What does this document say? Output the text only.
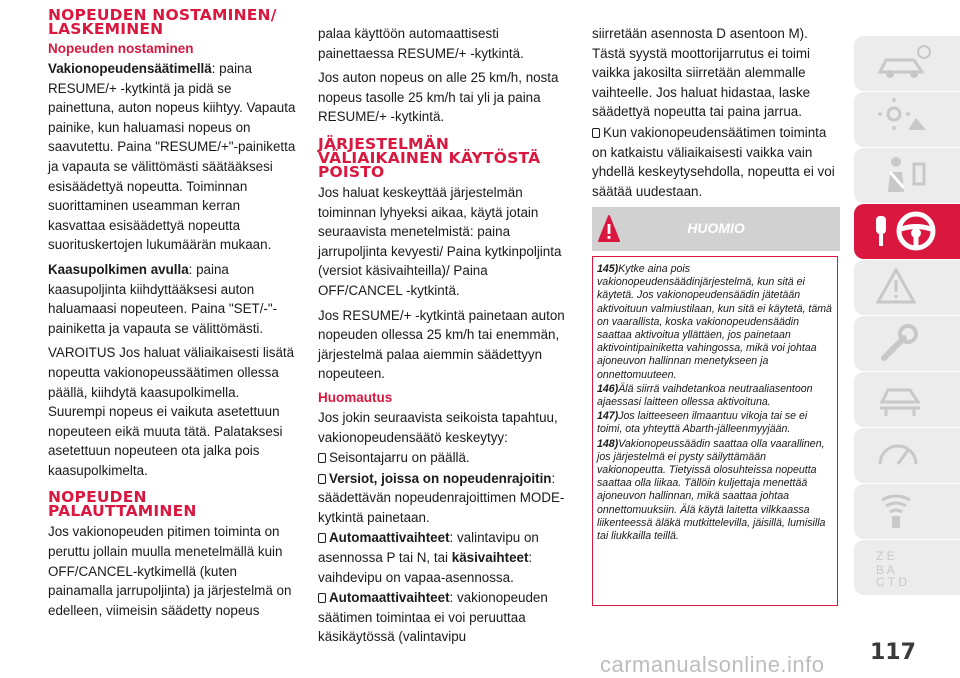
NOPEUDEN NOSTAMINEN/ LASKEMINEN
Nopeuden nostaminen

Vakionopeudensäätimellä: paina RESUME/+ -kytkintä ja pidä se painettuna, auton nopeus kiihtyy. Vapauta painike, kun haluamasi nopeus on saavutettu. Paina "RESUME/+"-painiketta ja vapauta se välittömästi säätääksesi esisäädettyä nopeutta. Toiminnan suorittaminen useamman kerran kasvattaa esisäädettyä nopeutta suorituskertojen lukumäärän mukaan.

Kaasupolkimen avulla: paina kaasupoljinta kiihdyttääksesi auton haluamaasi nopeuteen. Paina "SET/-"-painiketta ja vapauta se välittömästi.

VAROITUS Jos haluat väliaikaisesti lisätä nopeutta vakionopeussäätimen ollessa päällä, kiihdytä kaasupolkimella. Suurempi nopeus ei vaikuta asetettuun nopeuteen eikä muuta tätä. Palataksesi asetettuun nopeuteen ota jalka pois kaasupolkimelta.

NOPEUDEN PALAUTTAMINEN

Jos vakionopeuden pitimen toiminta on peruttu jollain muulla menetelmällä kuin OFF/CANCEL-kytkimellä (kuten painamalla jarrupoljinta) ja järjestelmä on edelleen, viimeisin säädetty nopeus

palaa käyttöön automaattisesti painettaessa RESUME/+ -kytkintä.

Jos auton nopeus on alle 25 km/h, nosta nopeus tasolle 25 km/h tai yli ja paina RESUME/+ -kytkintä.

JÄRJESTELMÄN VÄLIAIKAINEN KÄYTÖSTÄ POISTO

Jos haluat keskeyttää järjestelmän toiminnan lyhyeksi aikaa, käytä jotain seuraavista menetelmistä: paina jarrupoljinta kevyesti/ Paina kytkinpoljinta (versiot käsivaihteilla)/ Paina OFF/CANCEL -kytkintä.

Jos RESUME/+ -kytkintä painetaan auton nopeuden ollessa 25 km/h tai enemmän, järjestelmä palaa aiemmin säädettyyn nopeuteen.

Huomautus

Jos jokin seuraavista seikoista tapahtuu, vakionopeudensäätö keskeytyy:

Seisontajarru on päällä.

Versiot, joissa on nopeudenrajoitin: säädettävän nopeudenrajoittimen MODE-kytkintä painetaan.

Automaattivaihteet: valintavipu on asennossa P tai N, tai käsivaihteet: vaihdevipu on vapaa-asennossa.

Automaattivaihteet: vakionopeuden säätimen toimintaa ei voi peruuttaa käsikäytössä (valintavipu

siirretään asennosta D asentoon M). Tästä syystä moottorijarrutus ei toimi vaikka jakosilta siirretään alemmalle vaihteelle. Jos haluat hidastaa, laske säädettyä nopeutta tai paina jarrua.

Kun vakionopeudensäätimen toiminta on katkaistu väliaikaisesti vaikka vain yhdellä keskeytysehdolla, nopeutta ei voi säätää uudestaan.

HUOMIO

145)Kytke aina pois vakionopeudensäädinjärjestelmä, kun sitä ei käytetä. Jos vakionopeudensäädin jätetään aktivoituun valmiustilaan, kun sitä ei käytetä, tämä on vaarallista, koska vakionopeudensäädin saattaa aktivoitua yllättäen, jos painetaan aktivointipainiketta vahingossa, mikä voi johtaa ajoneuvon hallinnan menetykseen ja onnettomuuteen.

146)Älä siirrä vaihdetankoa neutraaliasentoon ajaessasi laitteen ollessa aktivoituna.

147)Jos laitteeseen ilmaantuu vikoja tai se ei toimi, ota yhteyttä Abarth-jälleenmyyjään.

148)Vakionopeussäädin saattaa olla vaarallinen, jos järjestelmä ei pysty säilyttämään vakionopeutta. Tietyissä olosuhteissa nopeutta saattaa olla liikaa. Tällöin kuljettaja menettää ajoneuvon hallinnan, mikä saattaa johtaa onnettomuuksiin. Älä käytä laitetta vilkkaassa liikenteessä äläkä mutkittelevilla, jäisillä, lumisilla tai liukkailla teillä.

Z E
B A
C T D
117
carmanualsonline.info
